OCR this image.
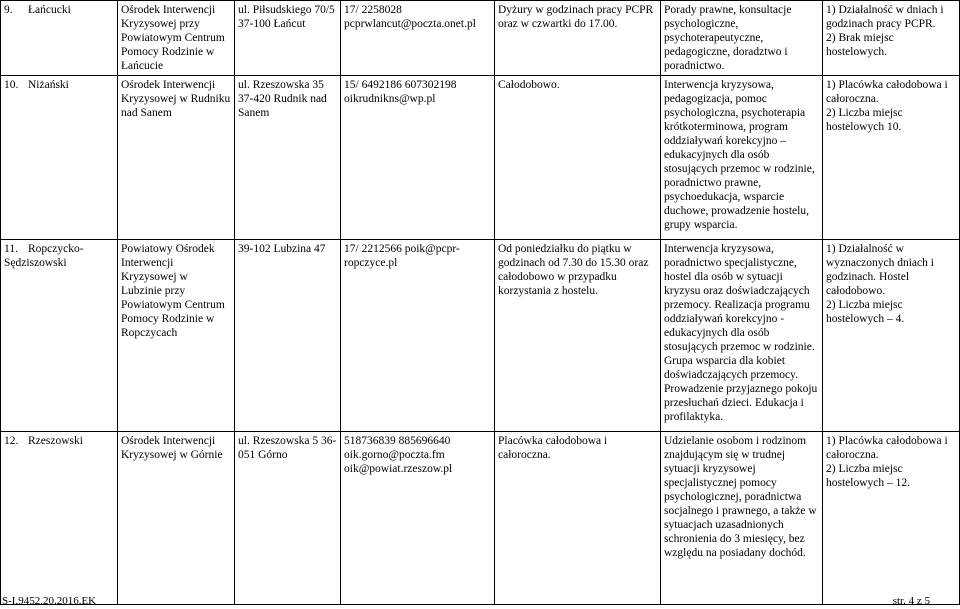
9. Łańcucki	Ośrodek Interwencji Kryzysowej przy Powiatowym Centrum Pomocy Rodzinie w Łańcucie	ul. Piłsudskiego 70/5 37-100 Łańcut	17/ 2258028 pcprwlancut@poczta.onet.pl	Dyżury w godzinach pracy PCPR oraz w czwartki do 17.00.	Porady prawne, konsultacje psychologiczne, psychoterapeutyczne, pedagogiczne, doradztwo i poradnictwo.	1) Działalność w dniach i godzinach pracy PCPR.
2) Brak miejsc hostelowych.

10. Niżański	Ośrodek Interwencji Kryzysowej w Rudniku nad Sanem	ul. Rzeszowska 35 37-420 Rudnik nad Sanem	15/ 6492186 607302198 oikrudnikns@wp.pl	Całodobowo.	Interwencja kryzysowa, pedagogizacja, pomoc psychologiczna, psychoterapia krótkoterminowa, program oddziaływań korekcyjno – edukacyjnych dla osób stosujących przemoc w rodzinie, poradnictwo prawne, psychoedukacja, wsparcie duchowe, prowadzenie hostelu, grupy wsparcia.	1) Placówka całodobowa i całoroczna.
2) Liczba miejsc hostelowych 10.

11. Ropczycko-Sędziszowski	Powiatowy Ośrodek Interwencji Kryzysowej w Lubzinie przy Powiatowym Centrum Pomocy Rodzinie w Ropczycach	39-102 Lubzina 47	17/ 2212566 poik@pcpr-ropczyce.pl	Od poniedziałku do piątku w godzinach od 7.30 do 15.30 oraz całodobowo w przypadku korzystania z hostelu.	Interwencja kryzysowa, poradnictwo specjalistyczne, hostel dla osób w sytuacji kryzysu oraz doświadczających przemocy. Realizacja programu oddziaływań korekcyjno - edukacyjnych dla osób stosujących przemoc w rodzinie. Grupa wsparcia dla kobiet doświadczających przemocy. Prowadzenie przyjaznego pokoju przesłuchań dzieci. Edukacja i profilaktyka.	1) Działalność w wyznaczonych dniach i godzinach. Hostel całodobowo.
2) Liczba miejsc hostelowych – 4.

12. Rzeszowski	Ośrodek Interwencji Kryzysowej w Górnie	ul. Rzeszowska 5 36-051 Górno	518736839 885696640 oik.gorno@poczta.fm oik@powiat.rzeszow.pl	Placówka całodobowa i całoroczna.	Udzielanie osobom i rodzinom znajdującym się w trudnej sytuacji kryzysowej specjalistycznej pomocy psychologicznej, poradnictwa socjalnego i prawnego, a także w sytuacjach uzasadnionych schronienia do 3 miesięcy, bez względu na posiadany dochód.	1) Placówka całodobowa i całoroczna.
2) Liczba miejsc hostelowych – 12.
S-I.9452.20.2016.EK	str. 4 z 5
